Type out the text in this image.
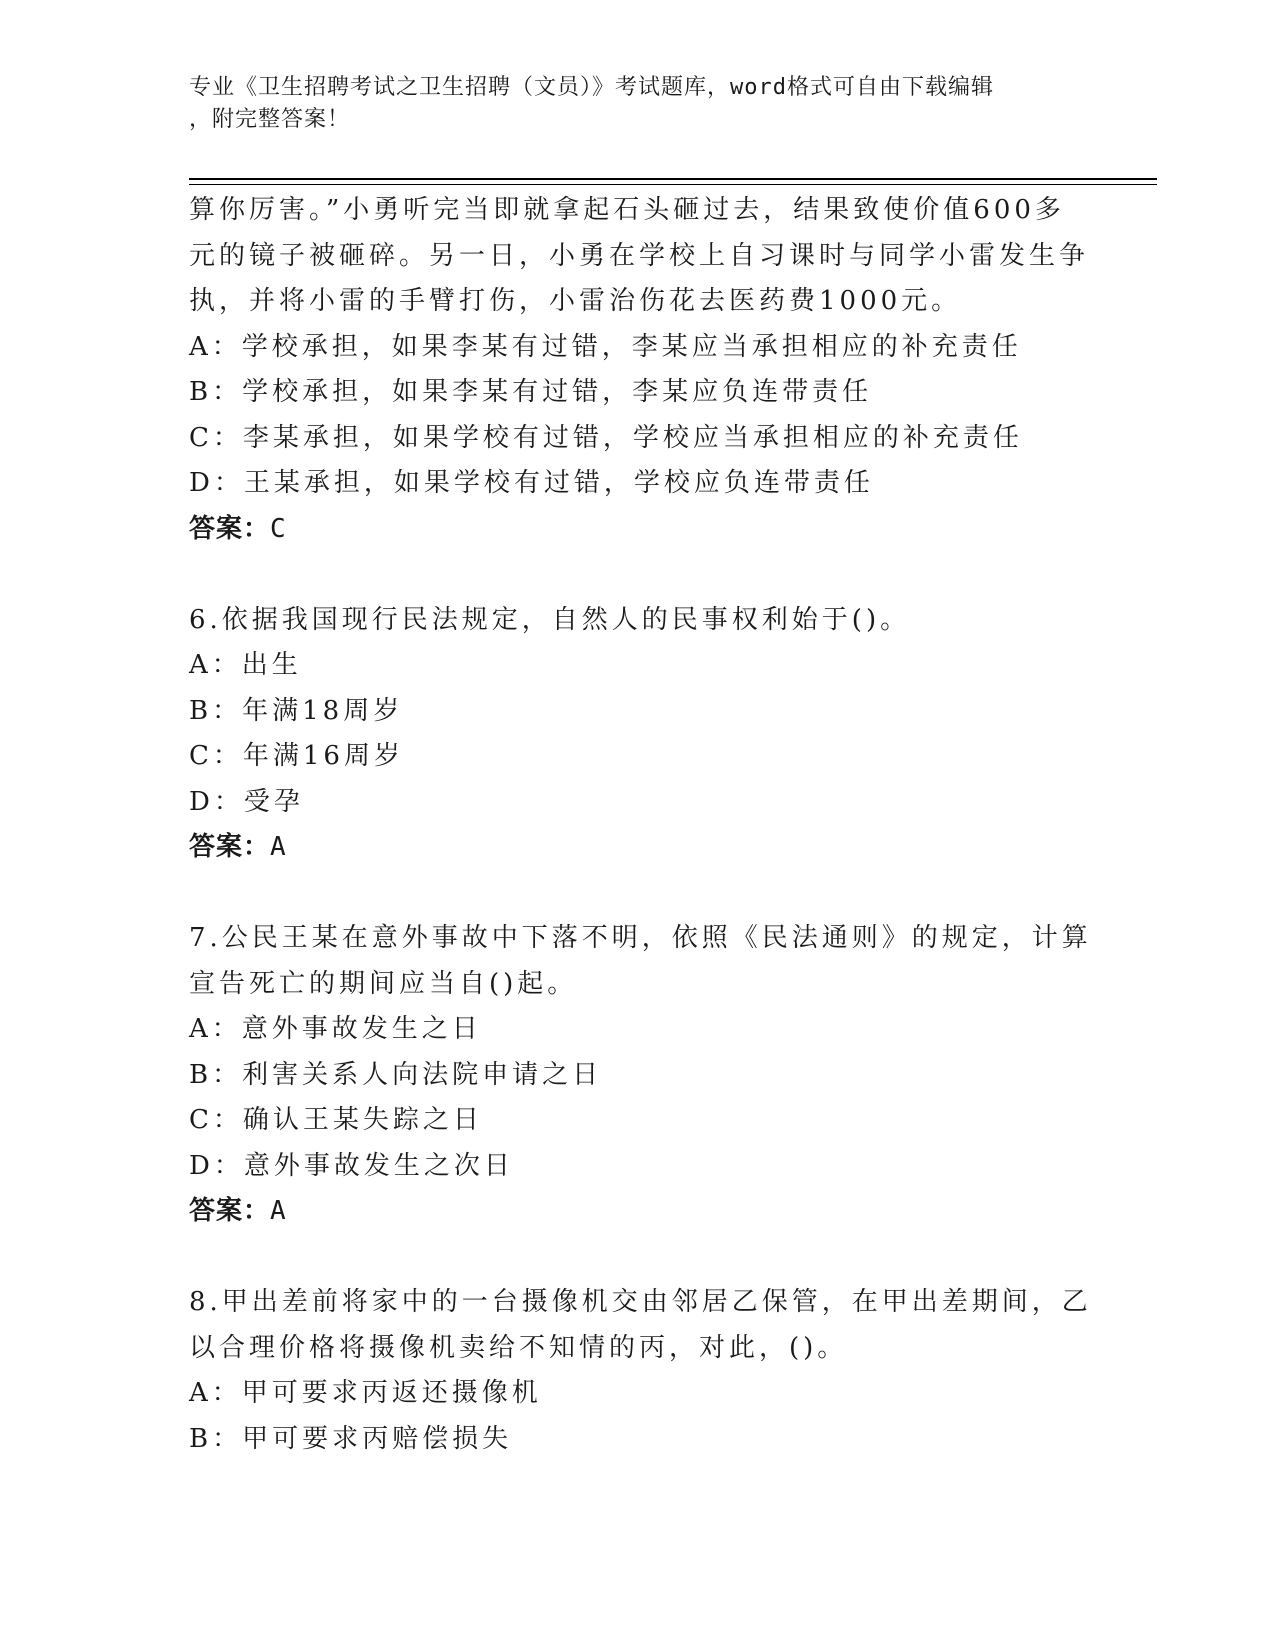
专业《卫生招聘考试之卫生招聘（文员）》考试题库，word格式可自由下载编辑
，附完整答案！
算你厉害。”小勇听完当即就拿起石头砸过去，结果致使价值600多
元的镜子被砸碎。另一日，小勇在学校上自习课时与同学小雷发生争
执，并将小雷的手臂打伤，小雷治伤花去医药费1000元。
A：学校承担，如果李某有过错，李某应当承担相应的补充责任
B：学校承担，如果李某有过错，李某应负连带责任
C：李某承担，如果学校有过错，学校应当承担相应的补充责任
D：王某承担，如果学校有过错，学校应负连带责任
答案：C
6.依据我国现行民法规定，自然人的民事权利始于()。
A：出生
B：年满18周岁
C：年满16周岁
D：受孕
答案：A
7.公民王某在意外事故中下落不明，依照《民法通则》的规定，计算
宣告死亡的期间应当自()起。
A：意外事故发生之日
B：利害关系人向法院申请之日
C：确认王某失踪之日
D：意外事故发生之次日
答案：A
8.甲出差前将家中的一台摄像机交由邻居乙保管，在甲出差期间，乙
以合理价格将摄像机卖给不知情的丙，对此，()。
A：甲可要求丙返还摄像机
B：甲可要求丙赔偿损失
